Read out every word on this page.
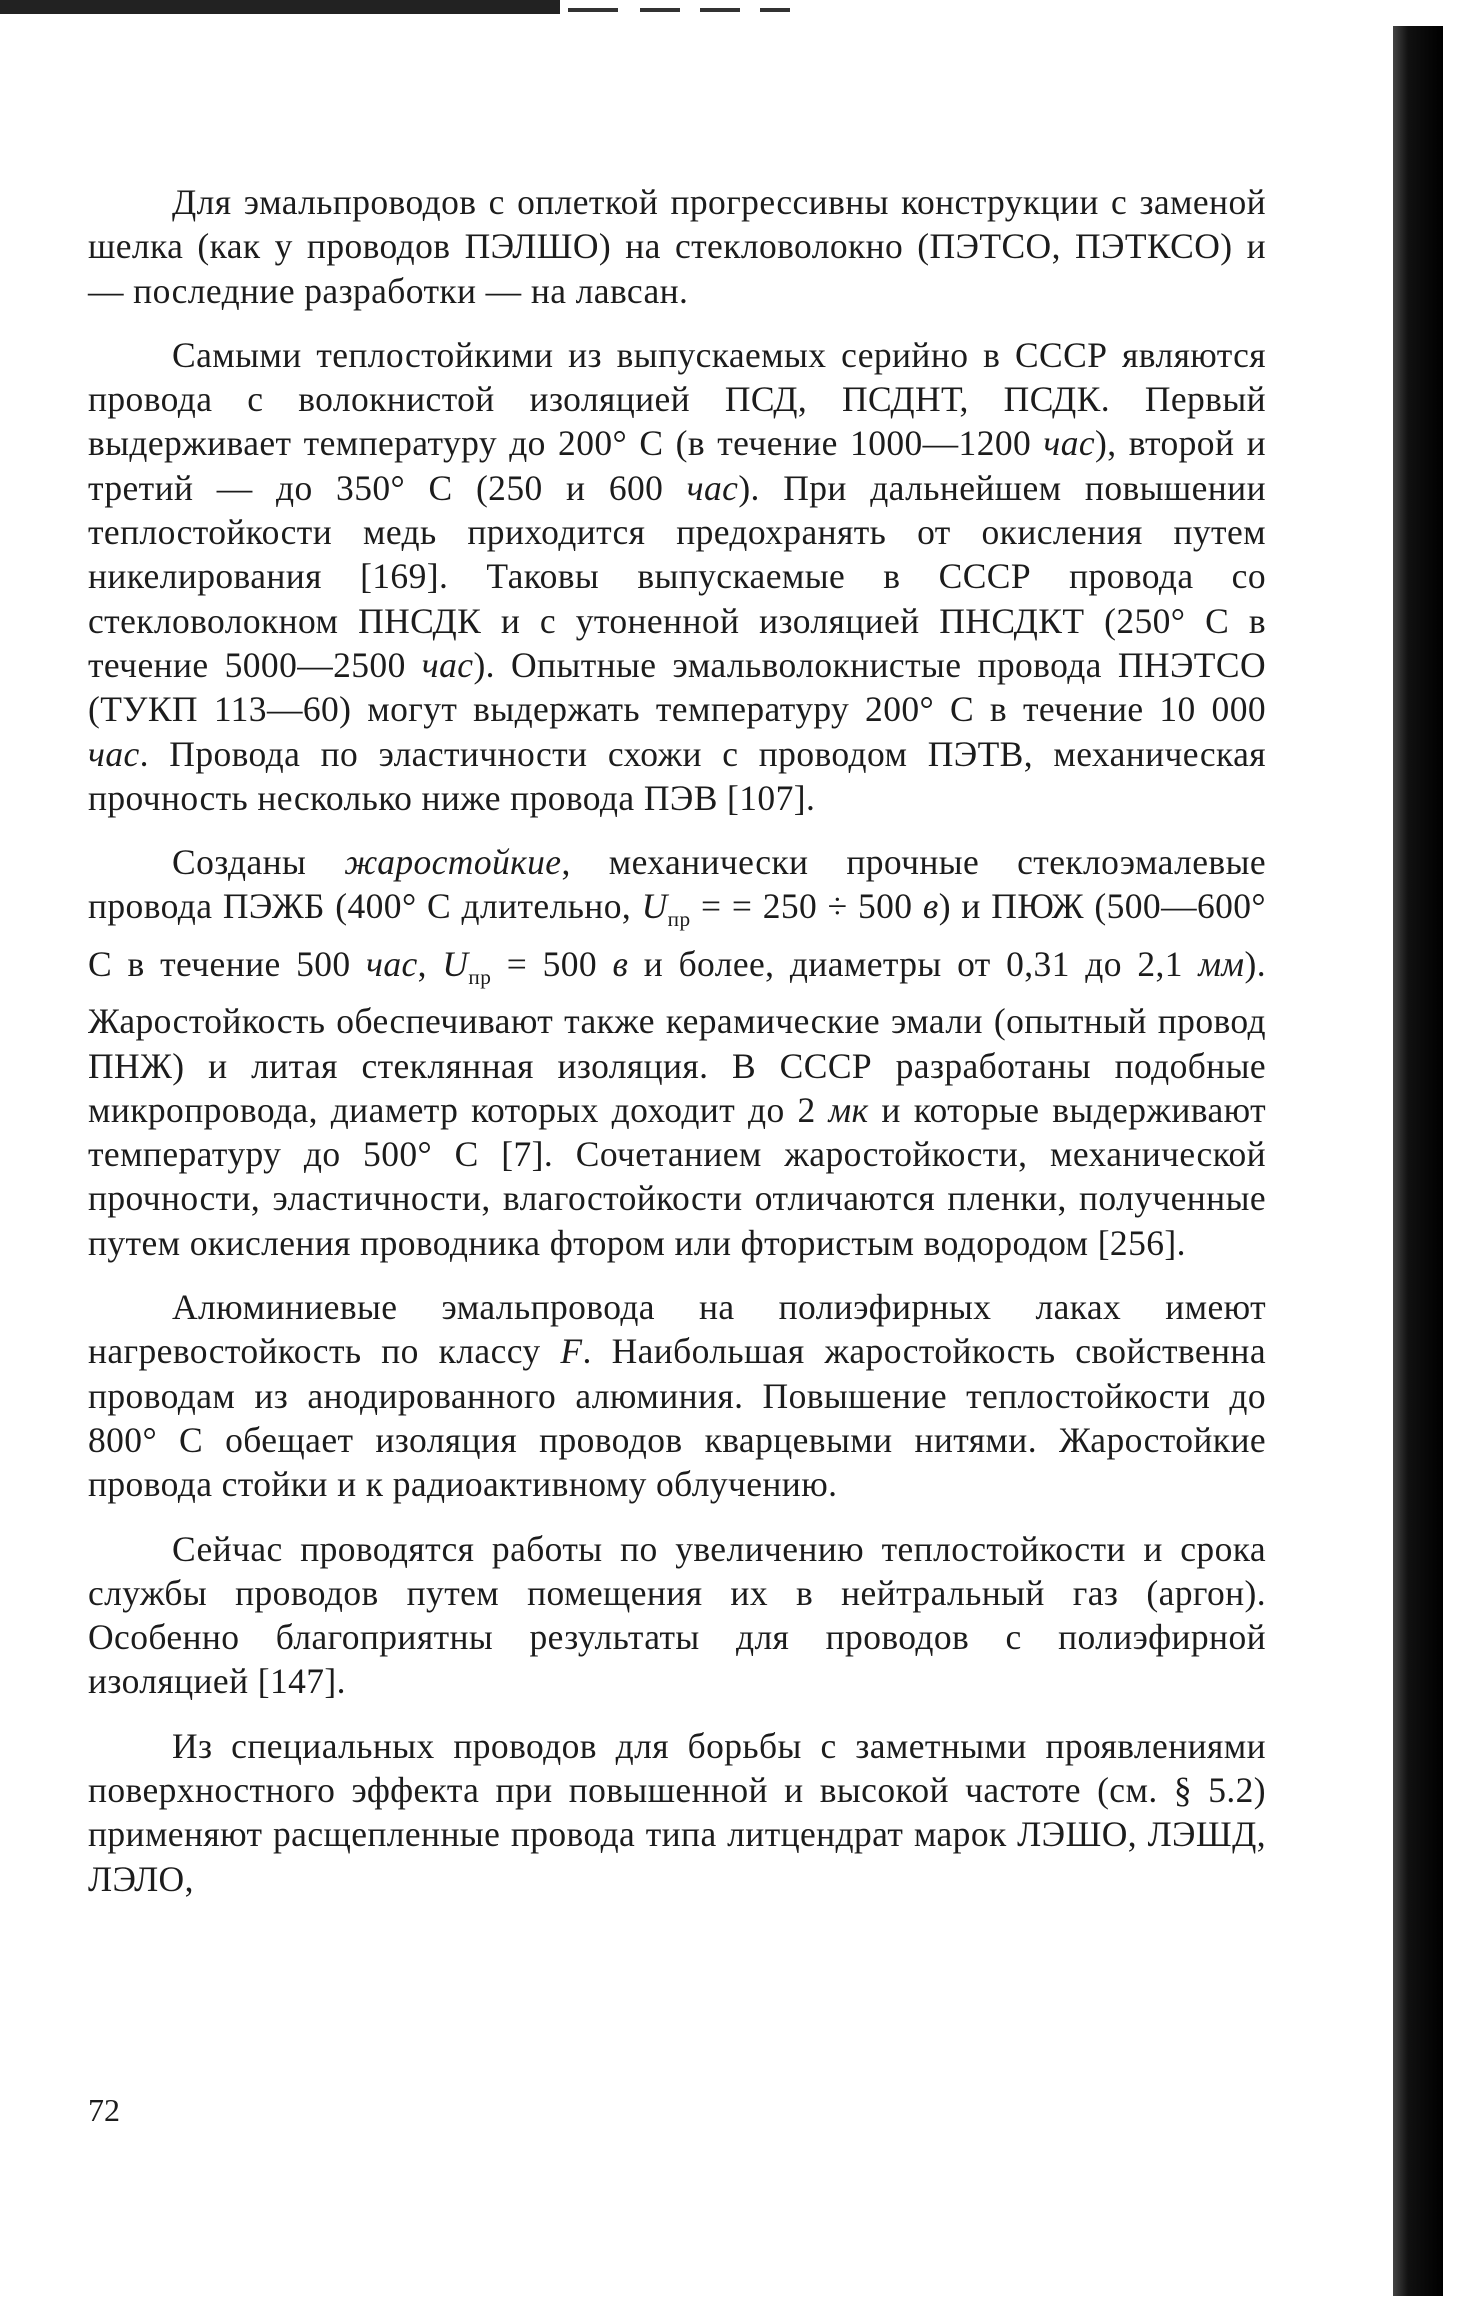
Для эмальпроводов с оплеткой прогрессивны конструкции с заменой шелка (как у проводов ПЭЛШО) на стекловолокно (ПЭТСО, ПЭТКСО) и — последние разработки — на лавсан.

Самыми теплостойкими из выпускаемых серийно в СССР являются провода с волокнистой изоляцией ПСД, ПСДНТ, ПСДК. Первый выдерживает температуру до 200° С (в течение 1000—1200 час), второй и третий — до 350° С (250 и 600 час). При дальнейшем повышении теплостойкости медь приходится предохранять от окисления путем никелирования [169]. Таковы выпускаемые в СССР провода со стекловолокном ПНСДК и с утоненной изоляцией ПНСДКТ (250° С в течение 5000—2500 час). Опытные эмальволокнистые провода ПНЭТСО (ТУКП 113—60) могут выдержать температуру 200° С в течение 10 000 час. Провода по эластичности схожи с проводом ПЭТВ, механическая прочность несколько ниже провода ПЭВ [107].

Созданы жаростойкие, механически прочные стеклоэмалевые провода ПЭЖБ (400° С длительно, $U_{пр}$ = = 250 ÷ 500 в) и ПЮЖ (500—600° С в течение 500 час, $U_{пр} = 500$ в и более, диаметры от 0,31 до 2,1 мм). Жаростойкость обеспечивают также керамические эмали (опытный провод ПНЖ) и литая стеклянная изоляция. В СССР разработаны подобные микропровода, диаметр которых доходит до 2 мк и которые выдерживают температуру до 500° С [7]. Сочетанием жаростойкости, механической прочности, эластичности, влагостойкости отличаются пленки, полученные путем окисления проводника фтором или фтористым водородом [256].

Алюминиевые эмальпровода на полиэфирных лаках имеют нагревостойкость по классу F. Наибольшая жаростойкость свойственна проводам из анодированного алюминия. Повышение теплостойкости до 800° С обещает изоляция проводов кварцевыми нитями. Жаростойкие провода стойки и к радиоактивному облучению.

Сейчас проводятся работы по увеличению теплостойкости и срока службы проводов путем помещения их в нейтральный газ (аргон). Особенно благоприятны результаты для проводов с полиэфирной изоляцией [147].

Из специальных проводов для борьбы с заметными проявлениями поверхностного эффекта при повышенной и высокой частоте (см. § 5.2) применяют расщепленные провода типа литцендрат марок ЛЭШО, ЛЭШД, ЛЭЛО,

72
